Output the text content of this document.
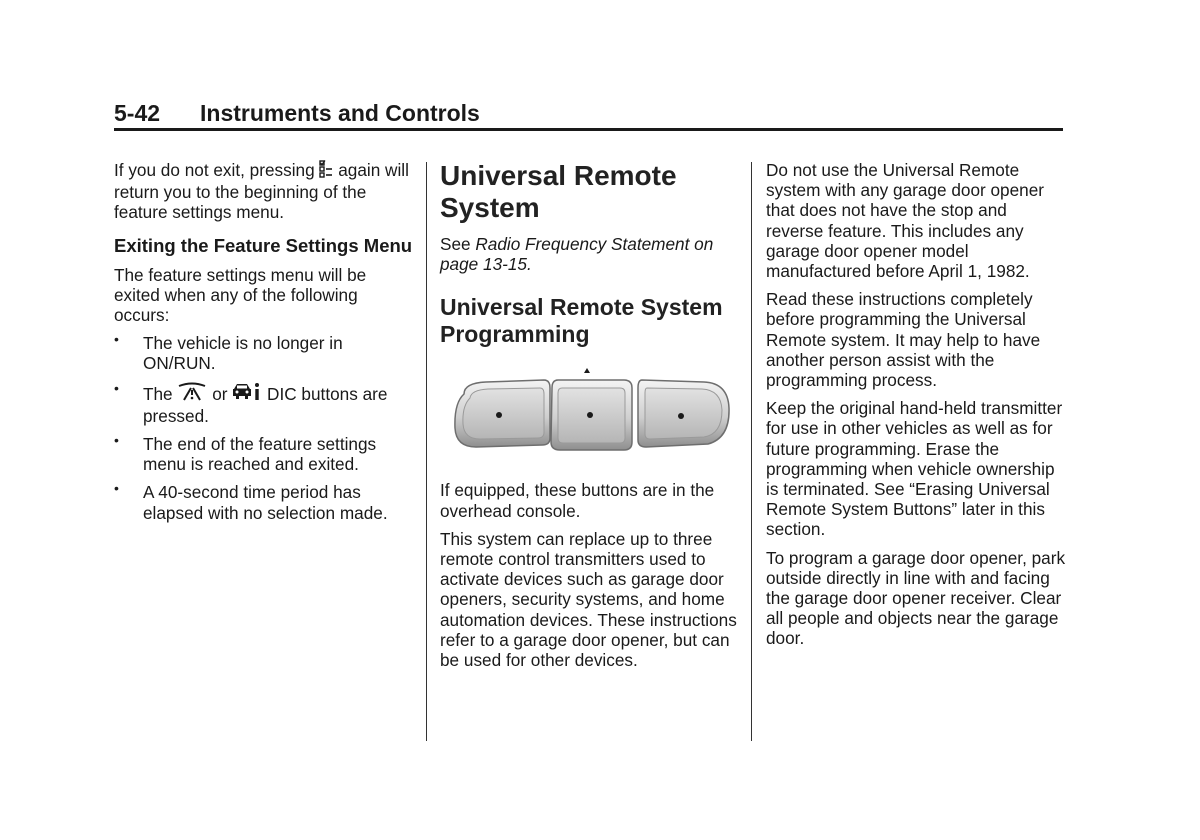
5-42 Instruments and Controls

If you do not exit, pressing again will return you to the beginning of the feature settings menu.

Exiting the Feature Settings Menu

The feature settings menu will be exited when any of the following occurs:

• The vehicle is no longer in ON/RUN.
• The or DIC buttons are pressed.
• The end of the feature settings menu is reached and exited.
• A 40-second time period has elapsed with no selection made.
Universal Remote System

See Radio Frequency Statement on page 13-15.

Universal Remote System Programming

If equipped, these buttons are in the overhead console.

This system can replace up to three remote control transmitters used to activate devices such as garage door openers, security systems, and home automation devices. These instructions refer to a garage door opener, but can be used for other devices.

Do not use the Universal Remote system with any garage door opener that does not have the stop and reverse feature. This includes any garage door opener model manufactured before April 1, 1982.

Read these instructions completely before programming the Universal Remote system. It may help to have another person assist with the programming process.

Keep the original hand-held transmitter for use in other vehicles as well as for future programming. Erase the programming when vehicle ownership is terminated. See “Erasing Universal Remote System Buttons” later in this section.

To program a garage door opener, park outside directly in line with and facing the garage door opener receiver. Clear all people and objects near the garage door.
